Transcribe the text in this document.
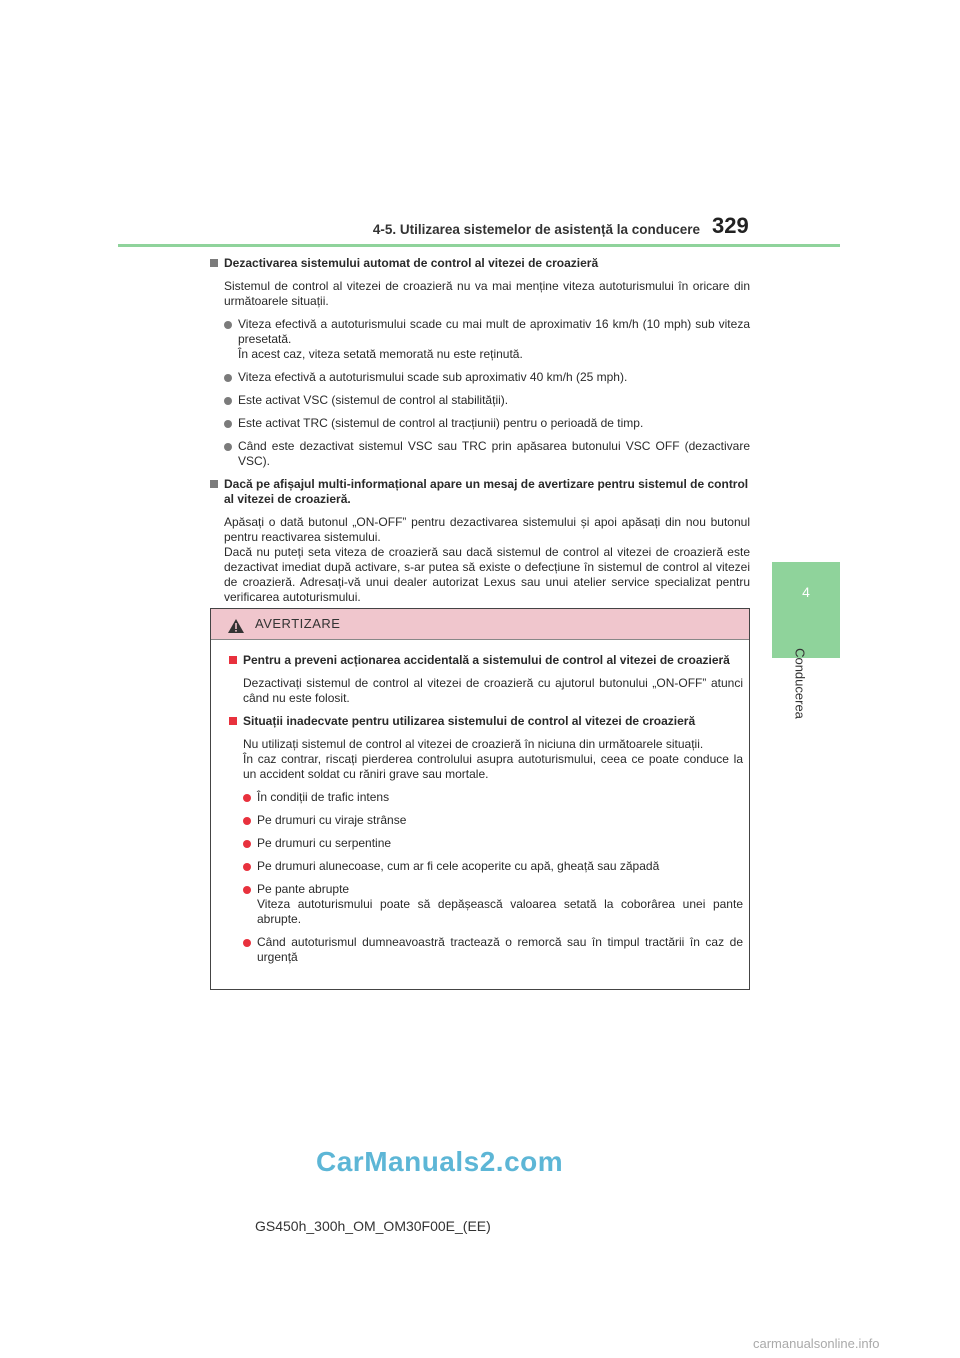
4-5. Utilizarea sistemelor de asistență la conducere 329
4
Conducerea
Dezactivarea sistemului automat de control al vitezei de croazieră
Sistemul de control al vitezei de croazieră nu va mai menține viteza autoturismului în oricare din următoarele situații.
Viteza efectivă a autoturismului scade cu mai mult de aproximativ 16 km/h (10 mph) sub viteza presetată.
În acest caz, viteza setată memorată nu este reținută.
Viteza efectivă a autoturismului scade sub aproximativ 40 km/h (25 mph).
Este activat VSC (sistemul de control al stabilității).
Este activat TRC (sistemul de control al tracțiunii) pentru o perioadă de timp.
Când este dezactivat sistemul VSC sau TRC prin apăsarea butonului VSC OFF (dezactivare VSC).
Dacă pe afișajul multi-informațional apare un mesaj de avertizare pentru sistemul de control al vitezei de croazieră.
Apăsați o dată butonul „ON-OFF” pentru dezactivarea sistemului și apoi apăsați din nou butonul pentru reactivarea sistemului.
Dacă nu puteți seta viteza de croazieră sau dacă sistemul de control al vitezei de croazieră este dezactivat imediat după activare, s-ar putea să existe o defecțiune în sistemul de control al vitezei de croazieră. Adresați-vă unui dealer autorizat Lexus sau unui atelier service specializat pentru verificarea autoturismului.
AVERTIZARE
Pentru a preveni acționarea accidentală a sistemului de control al vitezei de croazieră
Dezactivați sistemul de control al vitezei de croazieră cu ajutorul butonului „ON-OFF” atunci când nu este folosit.
Situații inadecvate pentru utilizarea sistemului de control al vitezei de croazieră
Nu utilizați sistemul de control al vitezei de croazieră în niciuna din următoarele situații.
În caz contrar, riscați pierderea controlului asupra autoturismului, ceea ce poate conduce la un accident soldat cu răniri grave sau mortale.
În condiții de trafic intens
Pe drumuri cu viraje strânse
Pe drumuri cu serpentine
Pe drumuri alunecoase, cum ar fi cele acoperite cu apă, gheață sau zăpadă
Pe pante abrupte
Viteza autoturismului poate să depășească valoarea setată la coborârea unei pante abrupte.
Când autoturismul dumneavoastră tractează o remorcă sau în timpul tractării în caz de urgență
CarManuals2.com
GS450h_300h_OM_OM30F00E_(EE)
carmanualsonline.info
